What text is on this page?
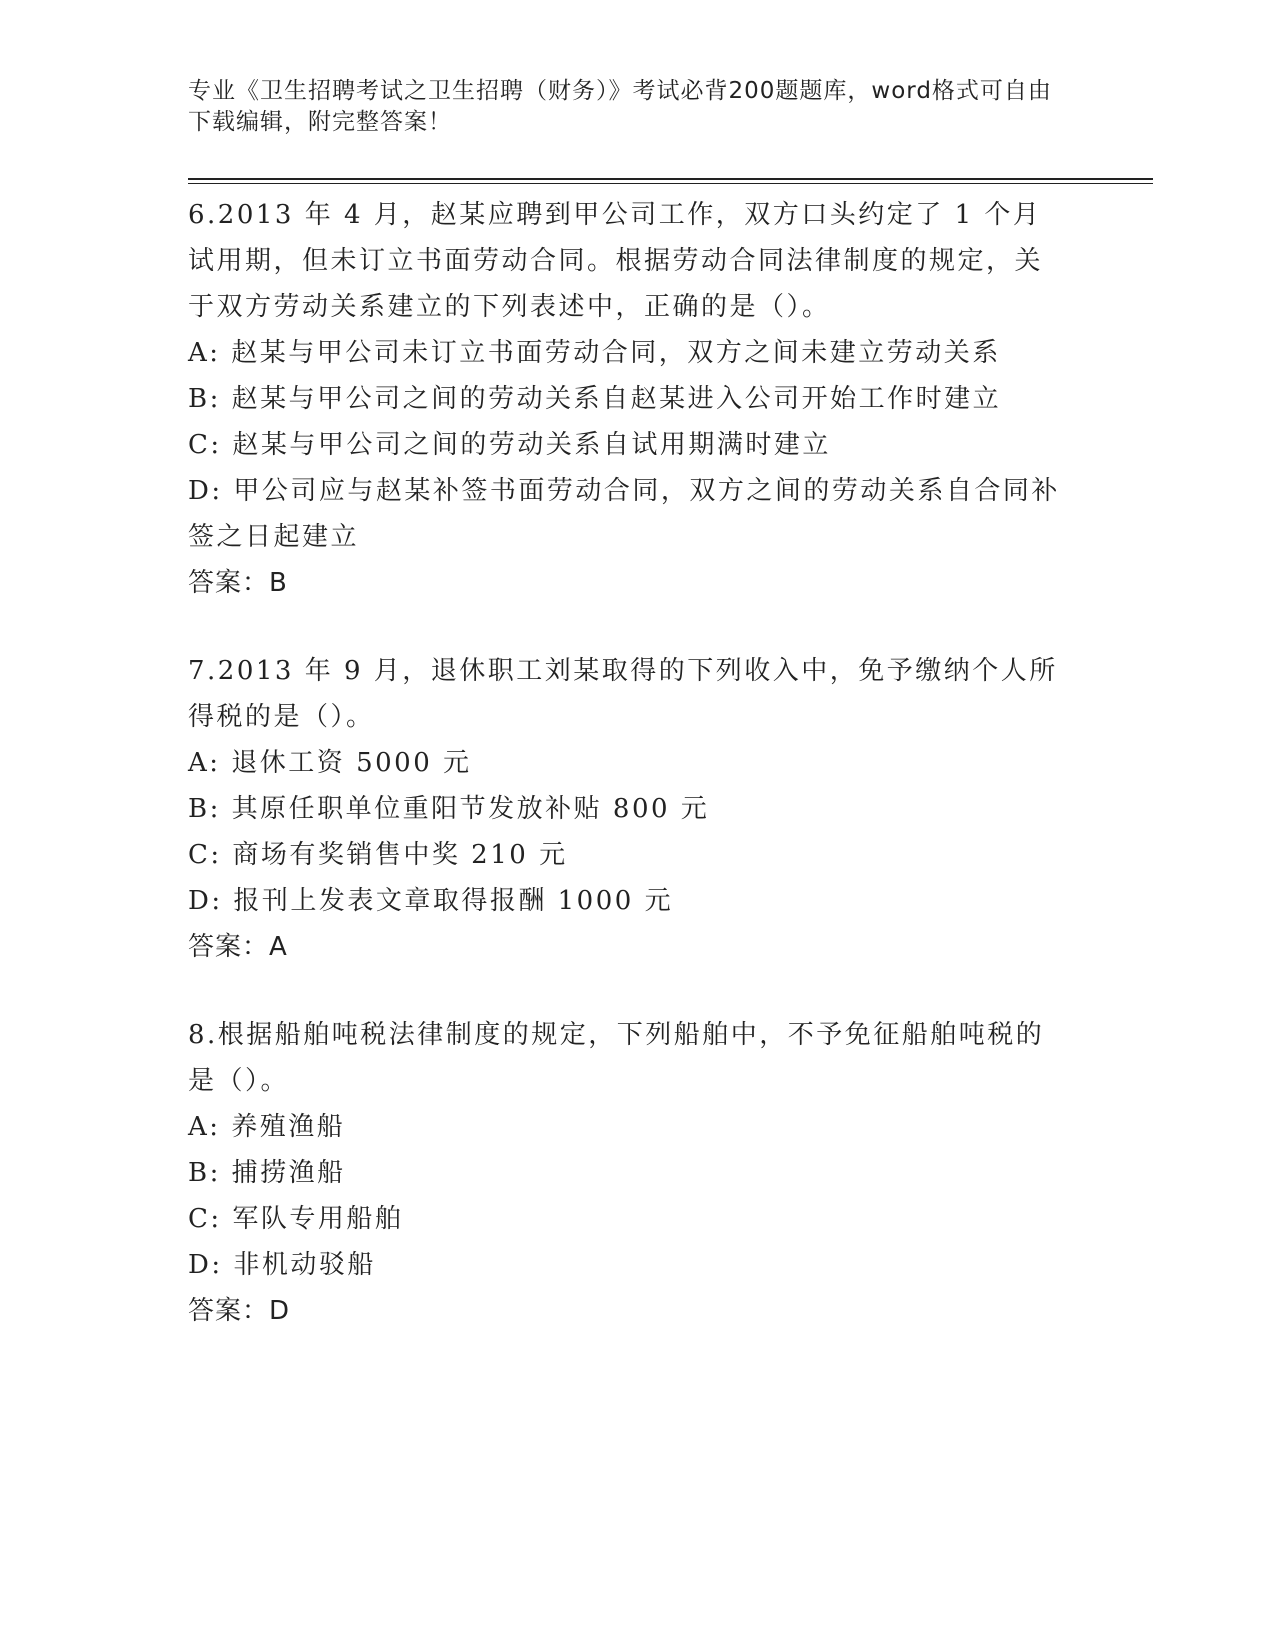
专业《卫生招聘考试之卫生招聘（财务）》考试必背200题题库，word格式可自由下载编辑，附完整答案！

6.2013 年 4 月，赵某应聘到甲公司工作，双方口头约定了 1 个月试用期，但未订立书面劳动合同。根据劳动合同法律制度的规定，关于双方劳动关系建立的下列表述中，正确的是（）。

A: 赵某与甲公司未订立书面劳动合同，双方之间未建立劳动关系

B: 赵某与甲公司之间的劳动关系自赵某进入公司开始工作时建立

C: 赵某与甲公司之间的劳动关系自试用期满时建立

D: 甲公司应与赵某补签书面劳动合同，双方之间的劳动关系自合同补签之日起建立

答案：B

7.2013 年 9 月，退休职工刘某取得的下列收入中，免予缴纳个人所得税的是（）。

A: 退休工资 5000 元

B: 其原任职单位重阳节发放补贴 800 元

C: 商场有奖销售中奖 210 元

D: 报刊上发表文章取得报酬 1000 元

答案：A

8.根据船舶吨税法律制度的规定，下列船舶中，不予免征船舶吨税的是（）。

A: 养殖渔船

B: 捕捞渔船

C: 军队专用船舶

D: 非机动驳船

答案：D
